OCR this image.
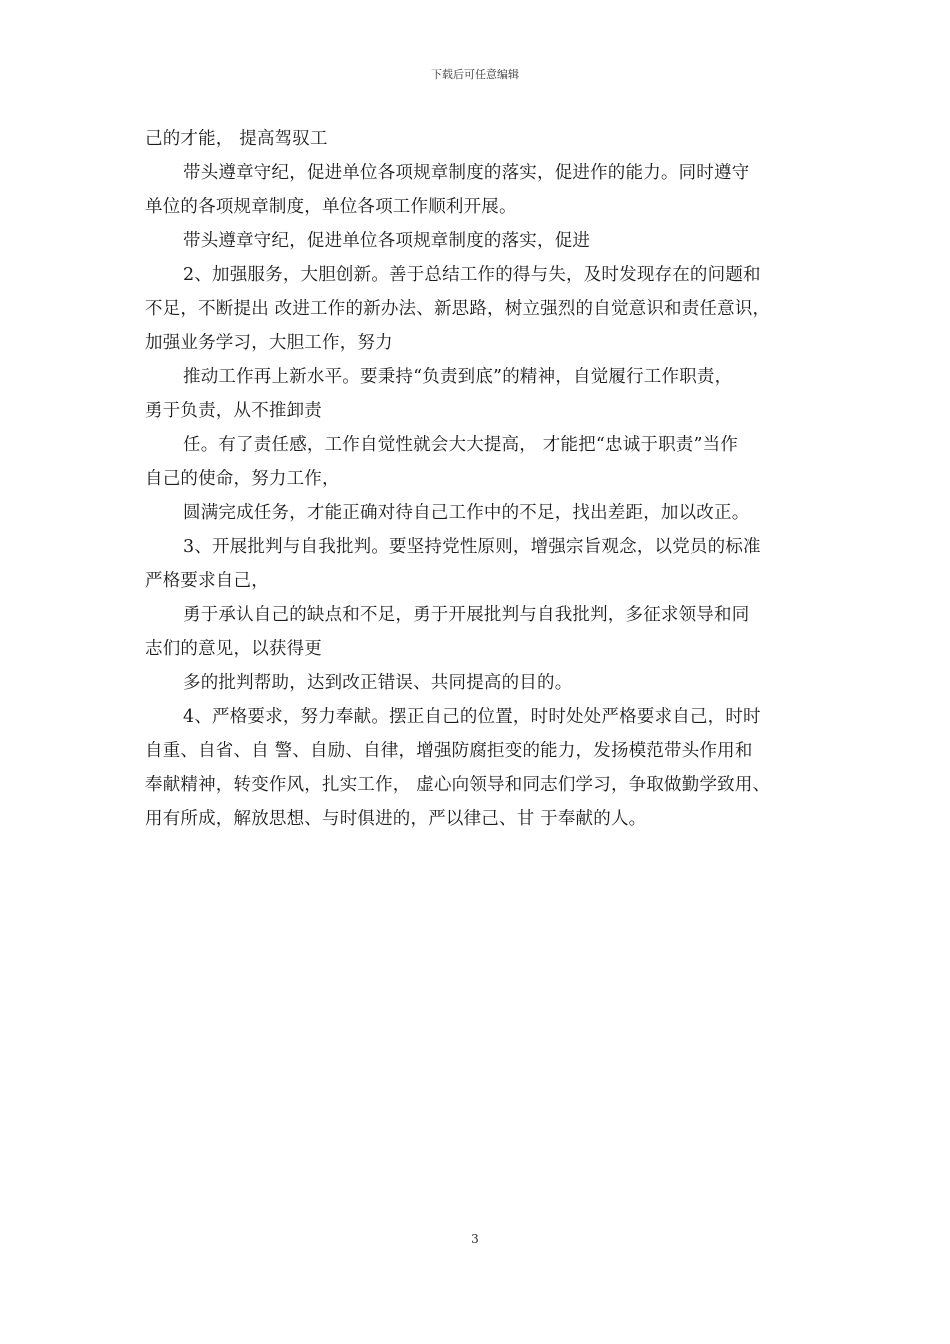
下载后可任意编辑
己的才能， 提高驾驭工
带头遵章守纪，促进单位各项规章制度的落实，促进作的能力。同时遵守
单位的各项规章制度，单位各项工作顺利开展。
带头遵章守纪，促进单位各项规章制度的落实，促进
2、加强服务，大胆创新。善于总结工作的得与失，及时发现存在的问题和
不足，不断提出 改进工作的新办法、新思路，树立强烈的自觉意识和责任意识，
加强业务学习，大胆工作，努力
推动工作再上新水平。要秉持“负责到底”的精神，自觉履行工作职责，
勇于负责，从不推卸责
任。有了责任感，工作自觉性就会大大提高， 才能把“忠诚于职责”当作
自己的使命，努力工作，
圆满完成任务，才能正确对待自己工作中的不足，找出差距，加以改正。
3、开展批判与自我批判。要坚持党性原则，增强宗旨观念，以党员的标准
严格要求自己，
勇于承认自己的缺点和不足，勇于开展批判与自我批判，多征求领导和同
志们的意见，以获得更
多的批判帮助，达到改正错误、共同提高的目的。
4、严格要求，努力奉献。摆正自己的位置，时时处处严格要求自己，时时
自重、自省、自 警、自励、自律，增强防腐拒变的能力，发扬模范带头作用和
奉献精神，转变作风，扎实工作， 虚心向领导和同志们学习，争取做勤学致用、
用有所成，解放思想、与时俱进的，严以律己、甘 于奉献的人。
3
